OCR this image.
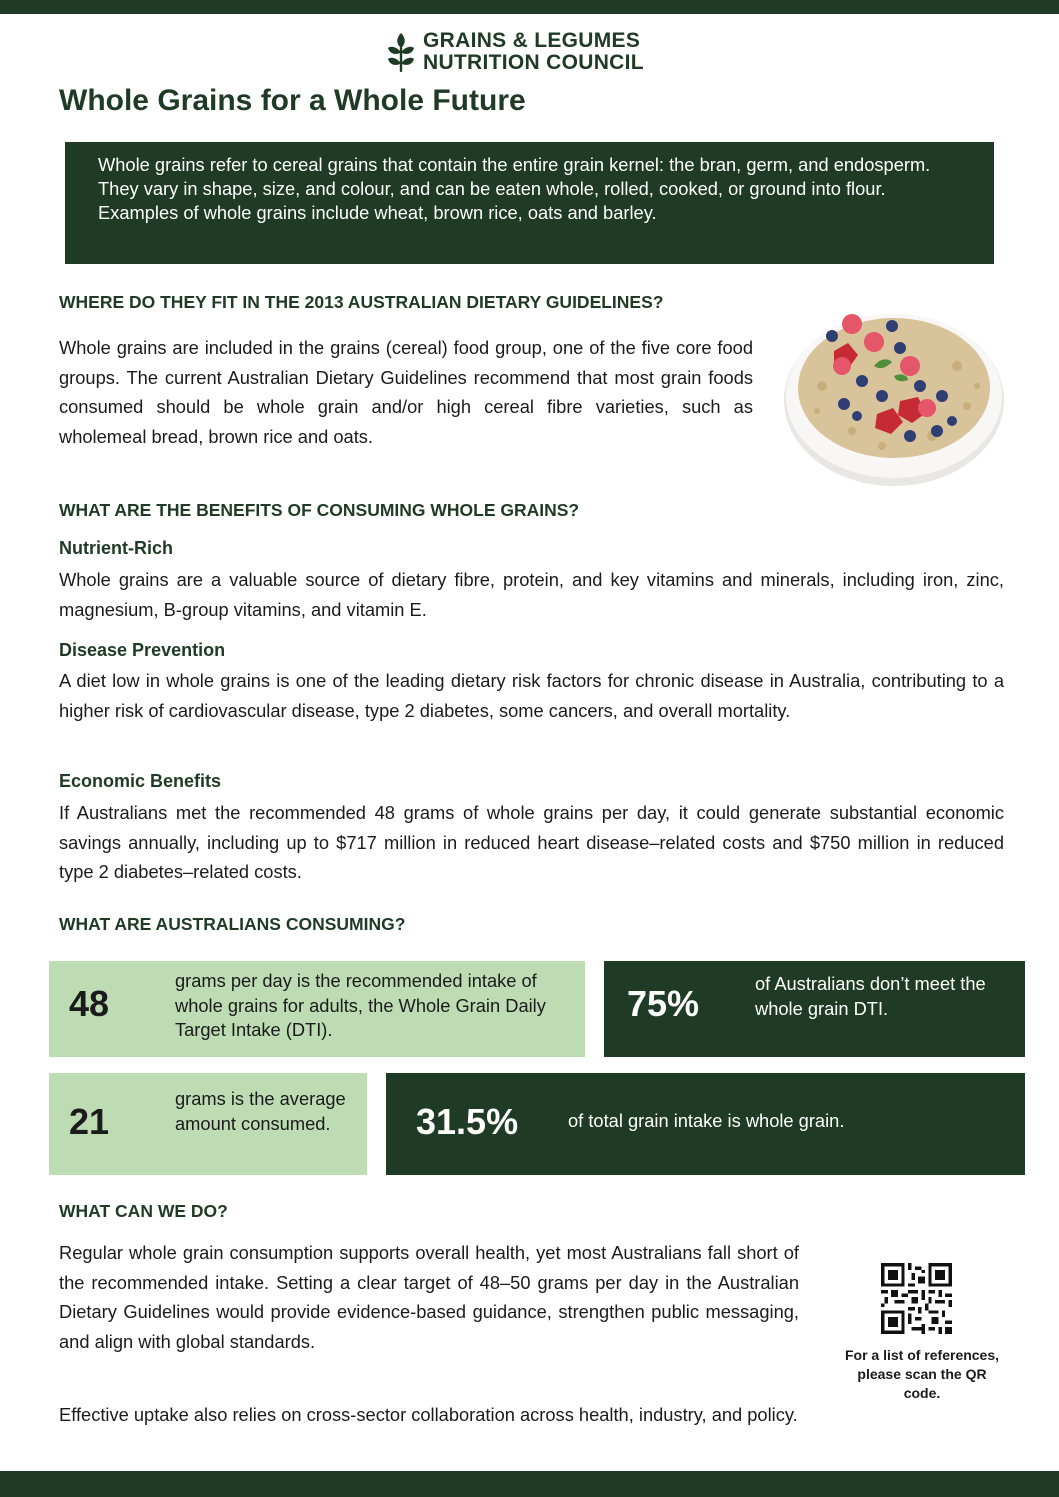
GRAINS & LEGUMES
NUTRITION COUNCIL
Whole Grains for a Whole Future

Whole grains refer to cereal grains that contain the entire grain kernel: the bran, germ, and endosperm. They vary in shape, size, and colour, and can be eaten whole, rolled, cooked, or ground into flour.

Examples of whole grains include wheat, brown rice, oats and barley.

WHERE DO THEY FIT IN THE 2013 AUSTRALIAN DIETARY GUIDELINES?

Whole grains are included in the grains (cereal) food group, one of the five core food groups. The current Australian Dietary Guidelines recommend that most grain foods consumed should be whole grain and/or high cereal fibre varieties, such as wholemeal bread, brown rice and oats.

WHAT ARE THE BENEFITS OF CONSUMING WHOLE GRAINS?
Nutrient-Rich

Whole grains are a valuable source of dietary fibre, protein, and key vitamins and minerals, including iron, zinc, magnesium, B-group vitamins, and vitamin E.

Disease Prevention

A diet low in whole grains is one of the leading dietary risk factors for chronic disease in Australia, contributing to a higher risk of cardiovascular disease, type 2 diabetes, some cancers, and overall mortality.

Economic Benefits

If Australians met the recommended 48 grams of whole grains per day, it could generate substantial economic savings annually, including up to $717 million in reduced heart disease–related costs and $750 million in reduced type 2 diabetes–related costs.

WHAT ARE AUSTRALIANS CONSUMING?
48
grams per day is the recommended intake of whole grains for adults, the Whole Grain Daily Target Intake (DTI).
75%	of Australians don’t meet the whole grain DTI.
21
grams is the average amount consumed.	31.5%	of total grain intake is whole grain.
WHAT CAN WE DO?

Regular whole grain consumption supports overall health, yet most Australians fall short of the recommended intake. Setting a clear target of 48–50 grams per day in the Australian Dietary Guidelines would provide evidence-based guidance, strengthen public messaging, and align with global standards.

Effective uptake also relies on cross-sector collaboration across health, industry, and policy.

For a list of references, please scan the QR code.
